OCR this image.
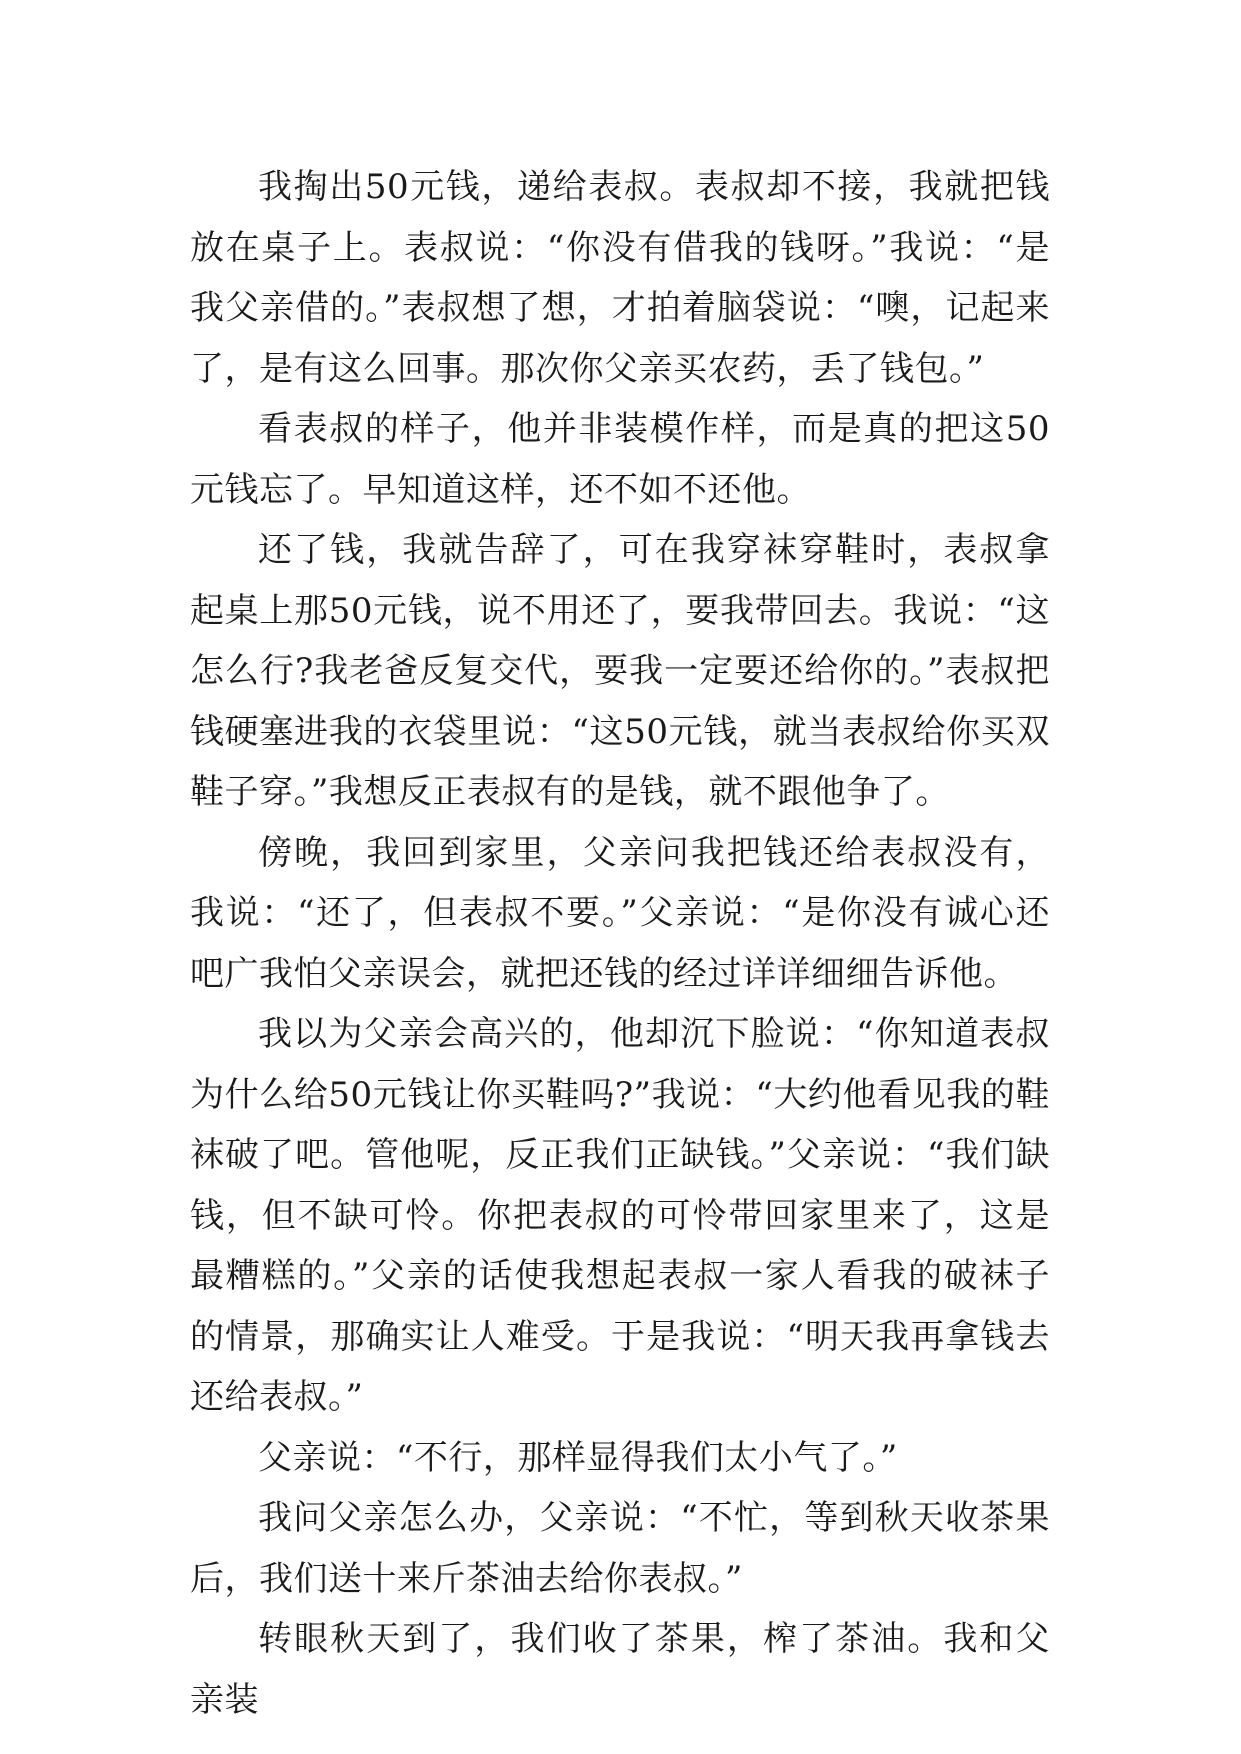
我掏出50元钱，递给表叔。表叔却不接，我就把钱放在桌子上。表叔说：“你没有借我的钱呀。”我说：“是我父亲借的。”表叔想了想，才拍着脑袋说：“噢，记起来了，是有这么回事。那次你父亲买农药，丢了钱包。”

看表叔的样子，他并非装模作样，而是真的把这50元钱忘了。早知道这样，还不如不还他。

还了钱，我就告辞了，可在我穿袜穿鞋时，表叔拿起桌上那50元钱，说不用还了，要我带回去。我说：“这怎么行?我老爸反复交代，要我一定要还给你的。”表叔把钱硬塞进我的衣袋里说：“这50元钱，就当表叔给你买双鞋子穿。”我想反正表叔有的是钱，就不跟他争了。

傍晚，我回到家里，父亲问我把钱还给表叔没有，我说：“还了，但表叔不要。”父亲说：“是你没有诚心还吧广我怕父亲误会，就把还钱的经过详详细细告诉他。

我以为父亲会高兴的，他却沉下脸说：“你知道表叔为什么给50元钱让你买鞋吗?”我说：“大约他看见我的鞋袜破了吧。管他呢，反正我们正缺钱。”父亲说：“我们缺钱，但不缺可怜。你把表叔的可怜带回家里来了，这是最糟糕的。”父亲的话使我想起表叔一家人看我的破袜子的情景，那确实让人难受。于是我说：“明天我再拿钱去还给表叔。”

父亲说：“不行，那样显得我们太小气了。”

我问父亲怎么办，父亲说：“不忙，等到秋天收茶果后，我们送十来斤茶油去给你表叔。”

转眼秋天到了，我们收了茶果，榨了茶油。我和父亲装
